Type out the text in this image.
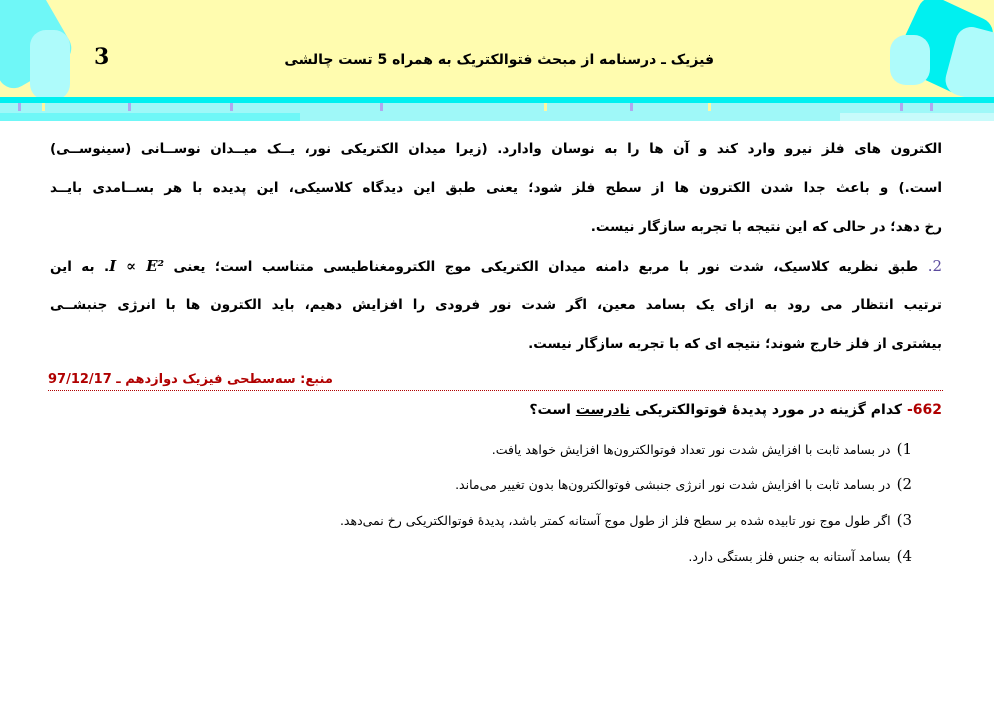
3	فیزیک ـ درسنامه از مبحث فتوالکتریک به همراه 5 تست چالشی
الکترون های فلز نیرو وارد کند و آن ها را به نوسان وادارد. (زیرا میدان الکتریکی نور، یــک میــدان نوســانی (سینوســی)
است.) و باعث جدا شدن الکترون ها از سطح فلز شود؛ یعنی طبق این دیدگاه کلاسیکی، این پدیده با هر بســامدی بایــد
رخ دهد؛ در حالی که این نتیجه با تجربه سازگار نیست.
2. طبق نظریه کلاسیک، شدت نور با مربع دامنه میدان الکتریکی موج الکترومغناطیسی متناسب است؛ یعنی I ∝ E². به این
ترتیب انتظار می رود به ازای یک بسامد معین، اگر شدت نور فرودی را افزایش دهیم، باید الکترون ها با انرژی جنبشــی
بیشتری از فلز خارج شوند؛ نتیجه ای که با تجربه سازگار نیست.
منبع: سه‌سطحی فیزیک دوازدهم ـ 97/12/17
662- کدام گزینه در مورد پدیدهٔ فوتوالکتریکی نادرست است؟
1)در بسامد ثابت با افزایش شدت نور تعداد فوتوالکترون‌ها افزایش خواهد یافت.
2)در بسامد ثابت با افزایش شدت نور انرژی جنبشی فوتوالکترون‌ها بدون تغییر می‌ماند.
3)اگر طول موج نور تابیده شده بر سطح فلز از طول موج آستانه کمتر باشد، پدیدهٔ فوتوالکتریکی رخ نمی‌دهد.
4)بسامد آستانه به جنس فلز بستگی دارد.
